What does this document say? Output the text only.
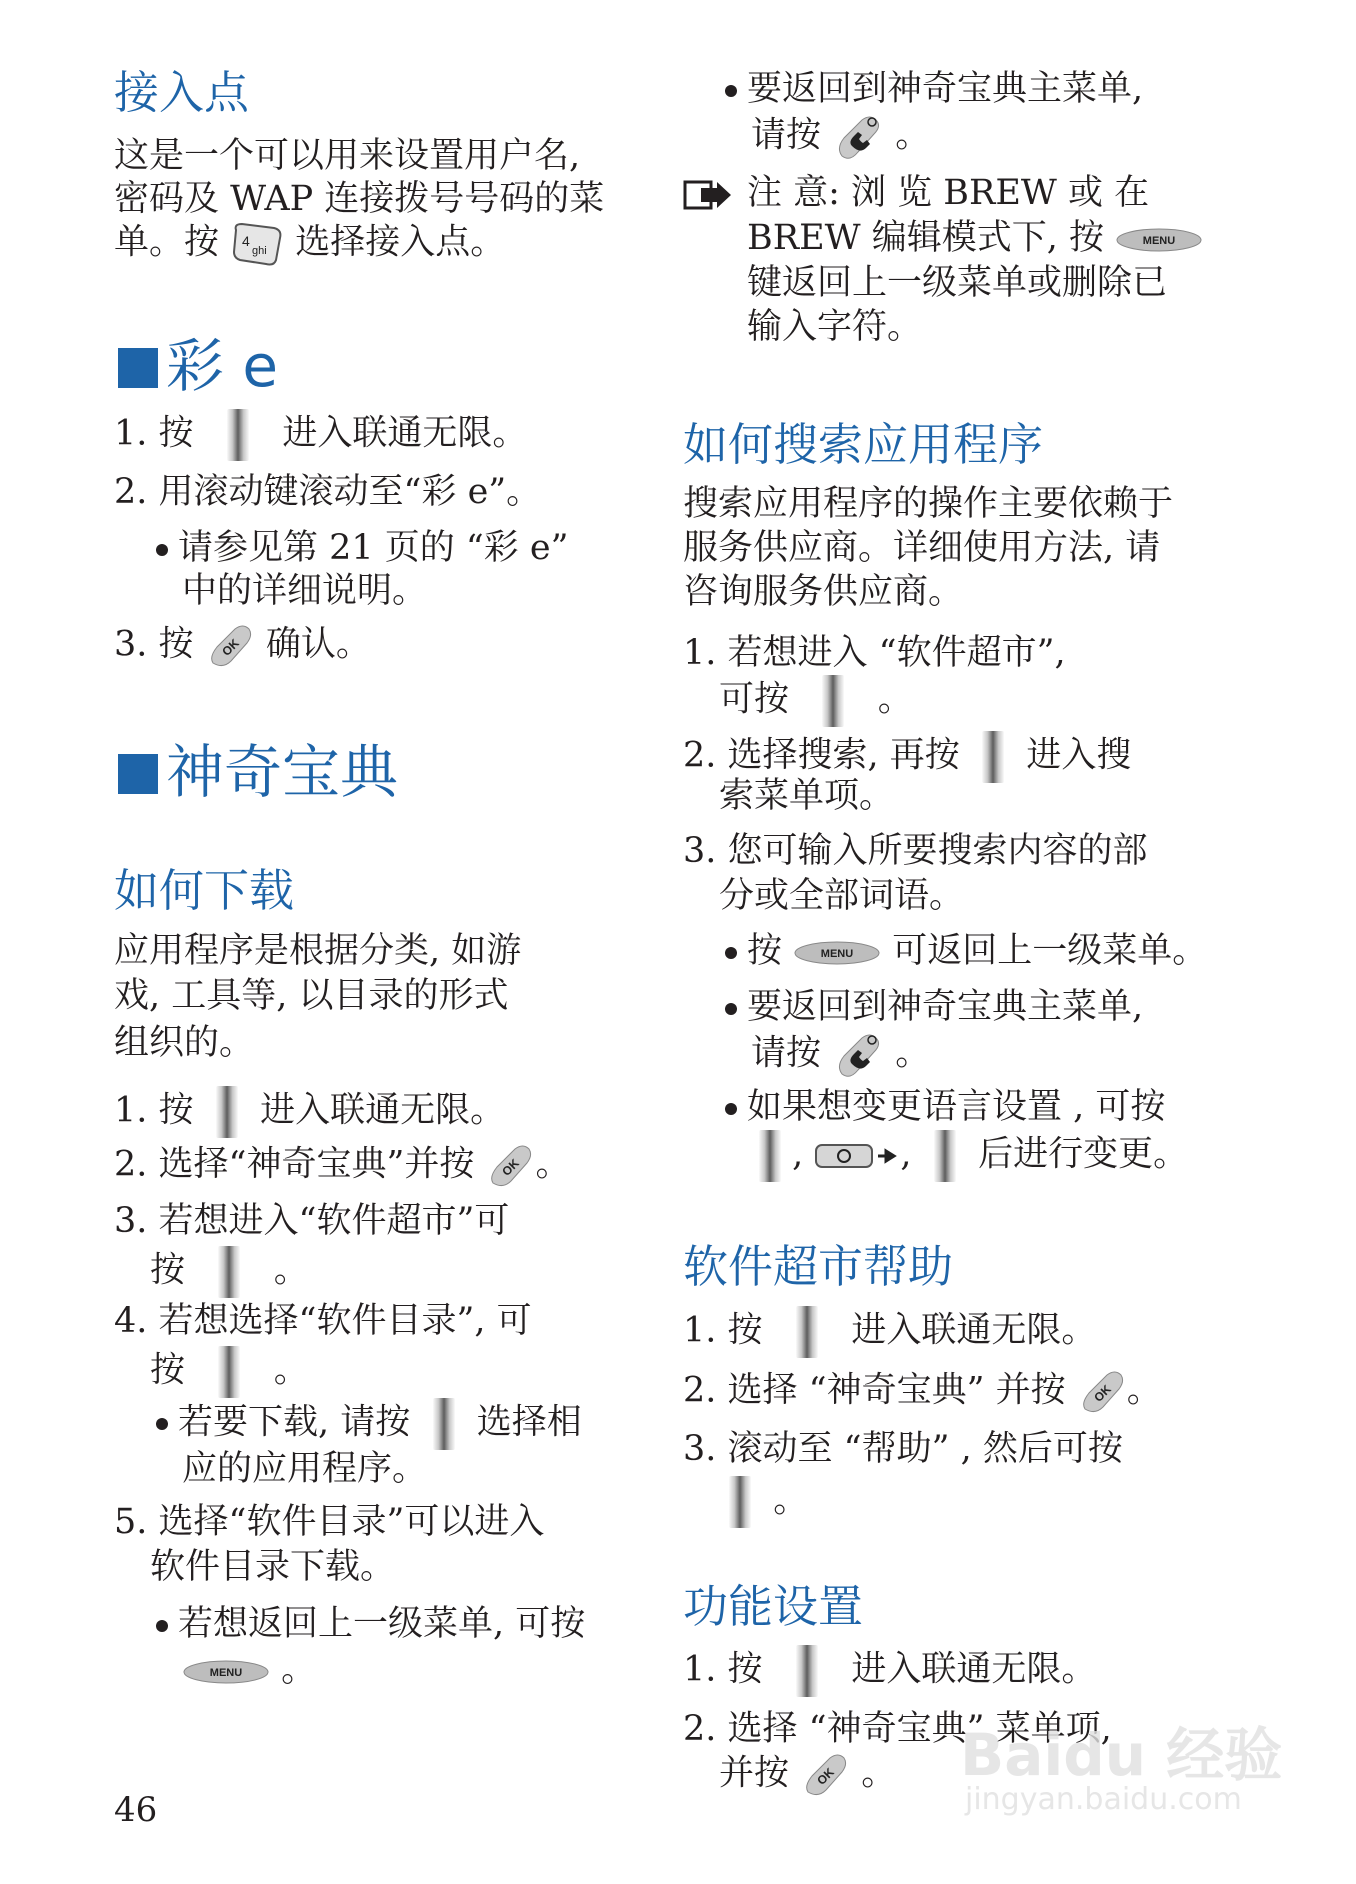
接入点
这是一个可以用来设置用户名,
密码及 WAP 连接拨号号码的菜
单。按 4
ghi 选择接入点。
彩 e
1. 按	进入联通无限。
2. 用滚动键滚动至“彩 e”。
请参见第 21 页的 “彩 e”
中的详细说明。
3. 按 OK 确认。
神奇宝典
如何下载
应用程序是根据分类, 如游
戏, 工具等, 以目录的形式
组织的。
1. 按 进入联通无限。
2. 选择“神奇宝典”并按 OK 。
3. 若想进入“软件超市”可
按	。
4. 若想选择“软件目录”, 可
按	。
若要下载, 请按 选择相
应的应用程序。
5. 选择“软件目录”可以进入
软件目录下载。
若想返回上一级菜单, 可按
MENU 。
46
要返回到神奇宝典主菜单,
请按 。
注 意: 浏 览 BREW 或 在
BREW 编辑模式下, 按	MENU
键返回上一级菜单或删除已
输入字符。
如何搜索应用程序
搜索应用程序的操作主要依赖于
服务供应商。详细使用方法, 请
咨询服务供应商。
1. 若想进入 “软件超市”,
可按	。
2. 选择搜索, 再按 进入搜
索菜单项。
3. 您可输入所要搜索内容的部
分或全部词语。
按	MENU 可返回上一级菜单。
要返回到神奇宝典主菜单,
请按 。
如果想变更语言设置 , 可按
,	, 后进行变更。
软件超市帮助
1. 按	进入联通无限。
2. 选择 “神奇宝典” 并按 OK 。
3. 滚动至 “帮助” , 然后可按
。
功能设置
1. 按	进入联通无限。
2. 选择 “神奇宝典” 菜单项,
并按 OK 。 Baidu 经验
jingyan.baidu.com
